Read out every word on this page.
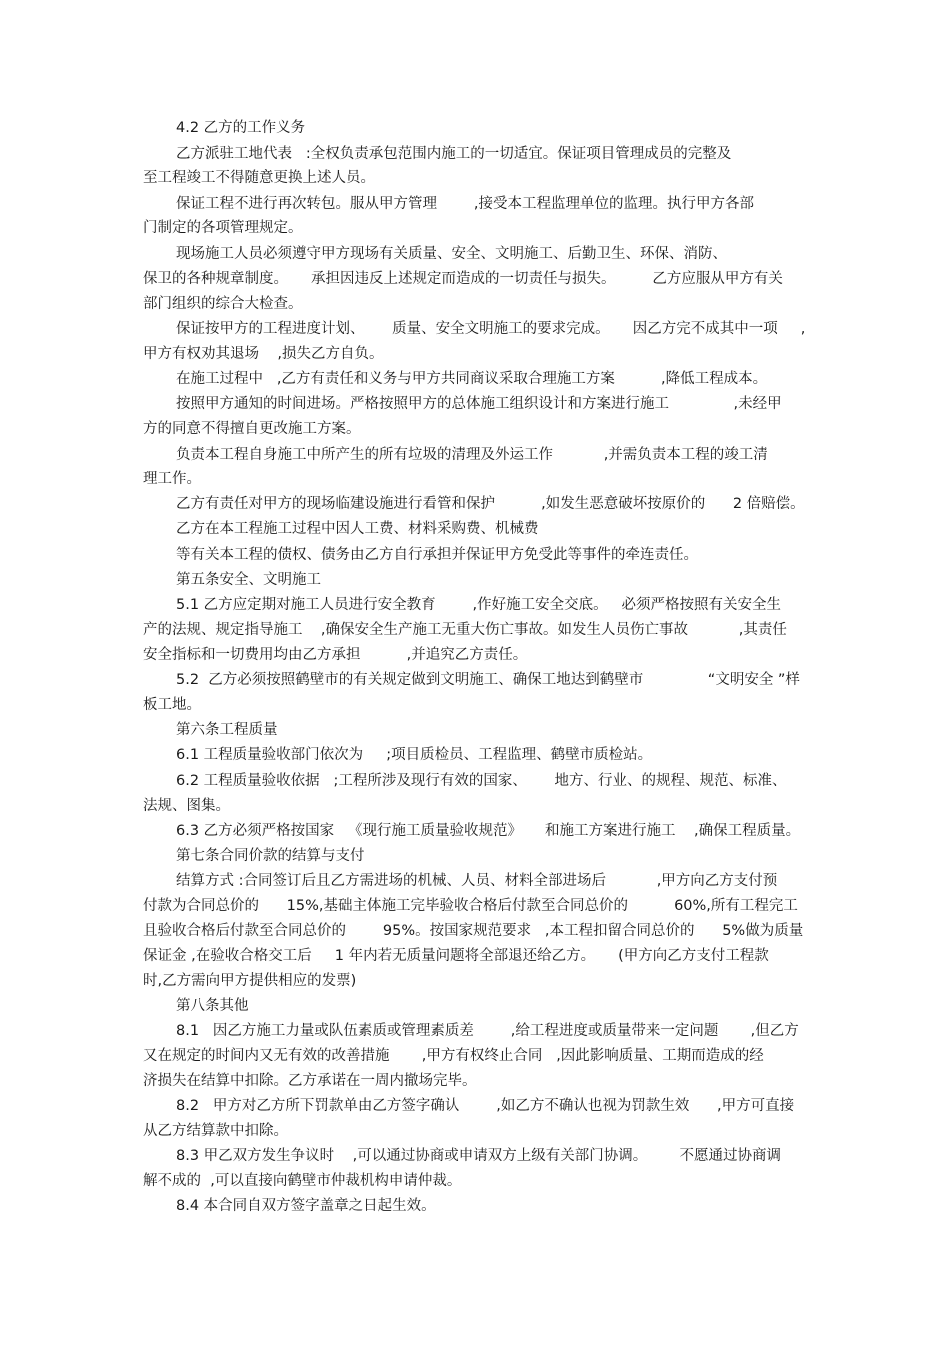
4.2 乙方的工作义务

乙方派驻工地代表   :全权负责承包范围内施工的一切适宜。保证项目管理成员的完整及

至工程竣工不得随意更换上述人员。

保证工程不进行再次转包。服从甲方管理        ,接受本工程监理单位的监理。执行甲方各部

门制定的各项管理规定。

现场施工人员必须遵守甲方现场有关质量、安全、文明施工、后勤卫生、环保、消防、

保卫的各种规章制度。     承担因违反上述规定而造成的一切责任与损失。        乙方应服从甲方有关

部门组织的综合大检查。

保证按甲方的工程进度计划、      质量、安全文明施工的要求完成。     因乙方完不成其中一项     ,

甲方有权劝其退场    ,损失乙方自负。

在施工过程中   ,乙方有责任和义务与甲方共同商议采取合理施工方案          ,降低工程成本。

按照甲方通知的时间进场。严格按照甲方的总体施工组织设计和方案进行施工              ,未经甲

方的同意不得擅自更改施工方案。

负责本工程自身施工中所产生的所有垃圾的清理及外运工作           ,并需负责本工程的竣工清

理工作。

乙方有责任对甲方的现场临建设施进行看管和保护          ,如发生恶意破坏按原价的      2 倍赔偿。

乙方在本工程施工过程中因人工费、材料采购费、机械费

等有关本工程的债权、债务由乙方自行承担并保证甲方免受此等事件的牵连责任。

第五条安全、文明施工

5.1 乙方应定期对施工人员进行安全教育        ,作好施工安全交底。   必须严格按照有关安全生

产的法规、规定指导施工    ,确保安全生产施工无重大伤亡事故。如发生人员伤亡事故           ,其责任

安全指标和一切费用均由乙方承担          ,并追究乙方责任。

5.2  乙方必须按照鹤壁市的有关规定做到文明施工、确保工地达到鹤壁市              “文明安全 ”样

板工地。

第六条工程质量

6.1 工程质量验收部门依次为     ;项目质检员、工程监理、鹤壁市质检站。

6.2 工程质量验收依据   ;工程所涉及现行有效的国家、      地方、行业、的规程、规范、标准、

法规、图集。

6.3 乙方必须严格按国家   《现行施工质量验收规范》     和施工方案进行施工    ,确保工程质量。

第七条合同价款的结算与支付

结算方式 :合同签订后且乙方需进场的机械、人员、材料全部进场后           ,甲方向乙方支付预

付款为合同总价的      15%,基础主体施工完毕验收合格后付款至合同总价的          60%,所有工程完工

且验收合格后付款至合同总价的        95%。按国家规范要求   ,本工程扣留合同总价的      5%做为质量

保证金 ,在验收合格交工后     1 年内若无质量问题将全部退还给乙方。     (甲方向乙方支付工程款

时,乙方需向甲方提供相应的发票)

第八条其他

8.1   因乙方施工力量或队伍素质或管理素质差        ,给工程进度或质量带来一定问题       ,但乙方

又在规定的时间内又无有效的改善措施       ,甲方有权终止合同   ,因此影响质量、工期而造成的经

济损失在结算中扣除。乙方承诺在一周内撤场完毕。

8.2   甲方对乙方所下罚款单由乙方签字确认        ,如乙方不确认也视为罚款生效      ,甲方可直接

从乙方结算款中扣除。

8.3 甲乙双方发生争议时    ,可以通过协商或申请双方上级有关部门协调。       不愿通过协商调

解不成的  ,可以直接向鹤壁市仲裁机构申请仲裁。

8.4 本合同自双方签字盖章之日起生效。
